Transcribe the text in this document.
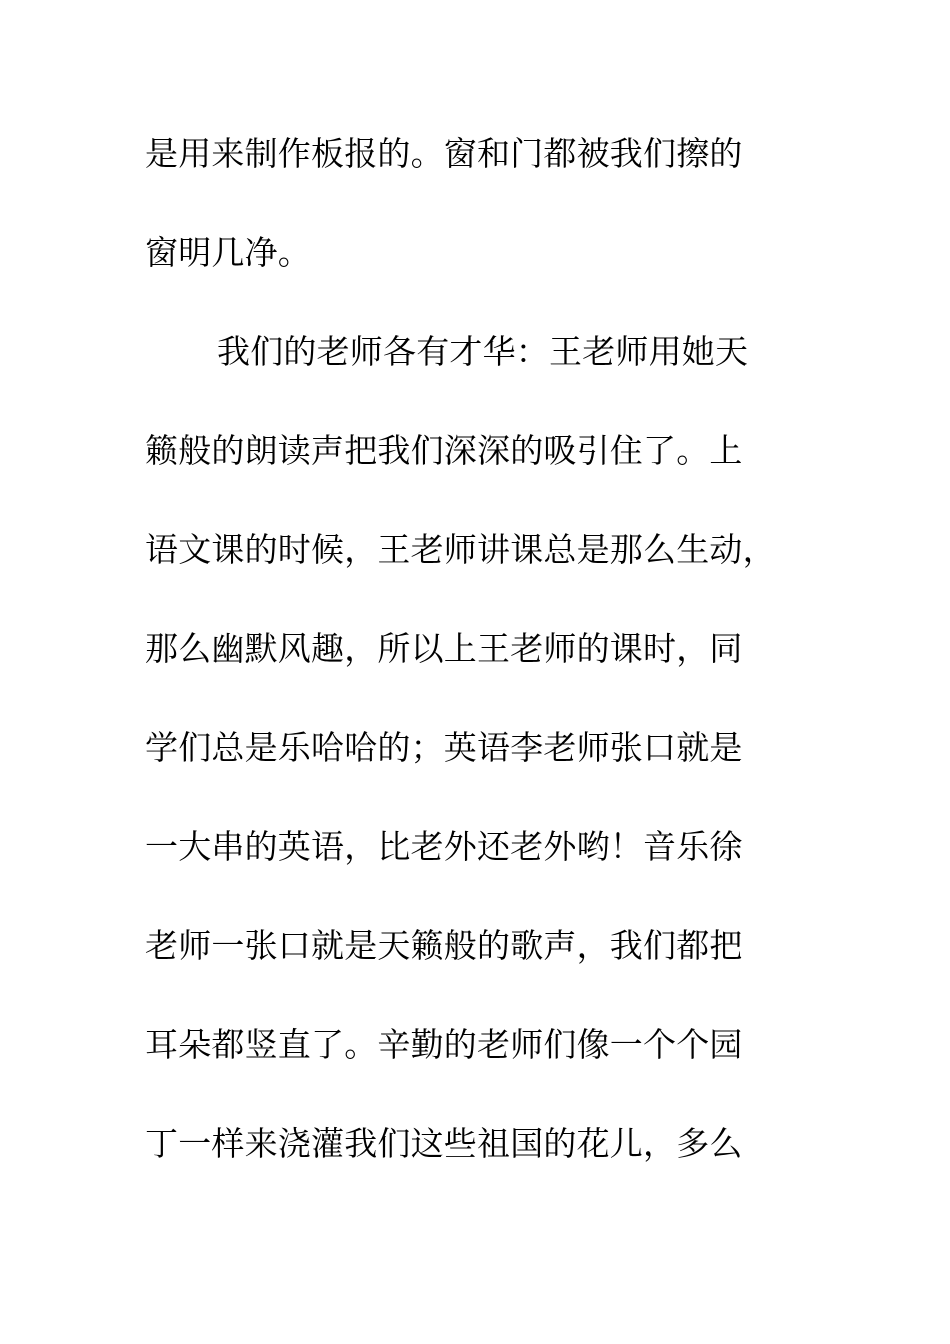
是用来制作板报的。窗和门都被我们擦的
窗明几净。
我们的老师各有才华：王老师用她天
籁般的朗读声把我们深深的吸引住了。上
语文课的时候，王老师讲课总是那么生动，
那么幽默风趣，所以上王老师的课时，同
学们总是乐哈哈的；英语李老师张口就是
一大串的英语，比老外还老外哟！音乐徐
老师一张口就是天籁般的歌声，我们都把
耳朵都竖直了。辛勤的老师们像一个个园
丁一样来浇灌我们这些祖国的花儿，多么
